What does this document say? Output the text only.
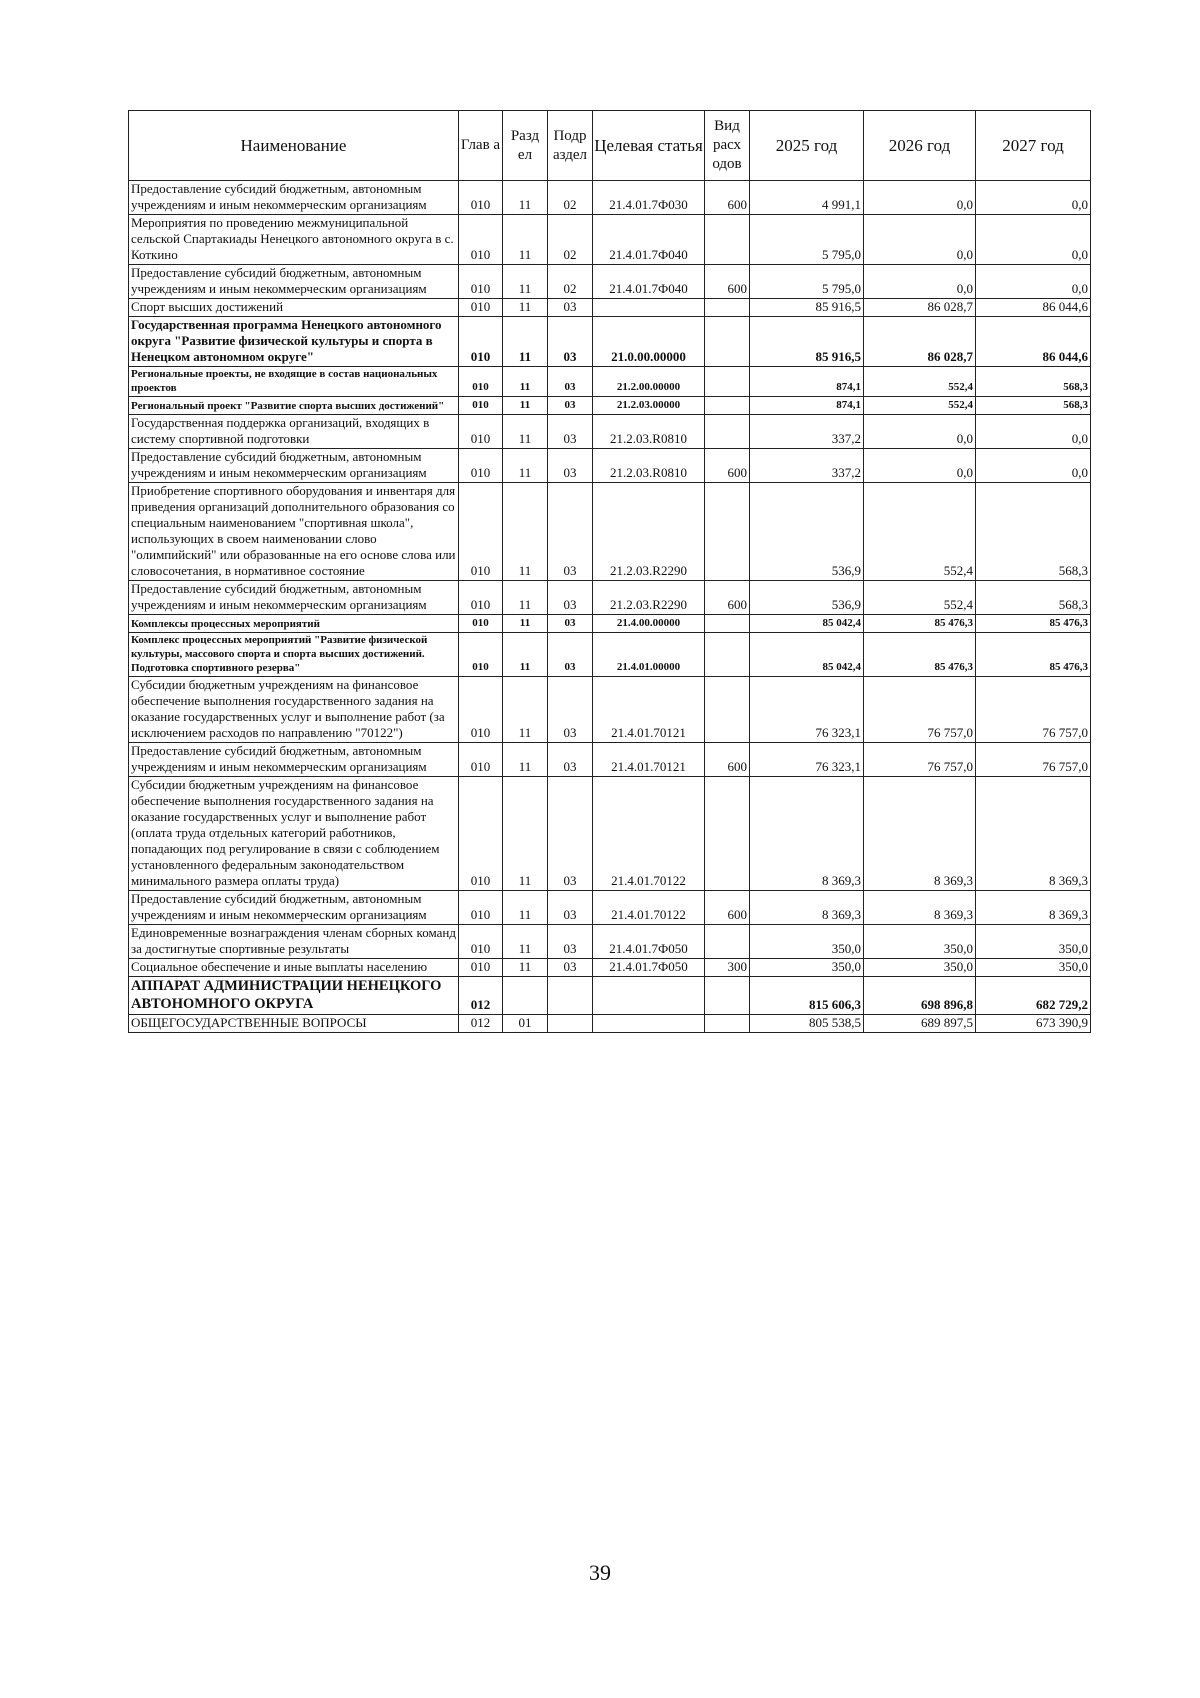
Наименование	Глав а	Разд ел	Подр аздел	Целевая статья	Вид расх одов	2025 год	2026 год	2027 год
Предоставление субсидий бюджетным, автономным учреждениям и иным некоммерческим организациям	010	11	02	21.4.01.7Ф030	600	4 991,1	0,0	0,0
Мероприятия по проведению межмуниципальной сельской Спартакиады Ненецкого автономного округа в с. Коткино	010	11	02	21.4.01.7Ф040		5 795,0	0,0	0,0
Предоставление субсидий бюджетным, автономным учреждениям и иным некоммерческим организациям	010	11	02	21.4.01.7Ф040	600	5 795,0	0,0	0,0
Спорт высших достижений	010	11	03			85 916,5	86 028,7	86 044,6
Государственная программа Ненецкого автономного округа "Развитие физической культуры и спорта в Ненецком автономном округе"	010	11	03	21.0.00.00000		85 916,5	86 028,7	86 044,6
Региональные проекты, не входящие в состав национальных проектов	010	11	03	21.2.00.00000		874,1	552,4	568,3
Региональный проект "Развитие спорта высших достижений"	010	11	03	21.2.03.00000		874,1	552,4	568,3
Государственная поддержка организаций, входящих в систему спортивной подготовки	010	11	03	21.2.03.R0810		337,2	0,0	0,0
Предоставление субсидий бюджетным, автономным учреждениям и иным некоммерческим организациям	010	11	03	21.2.03.R0810	600	337,2	0,0	0,0
Приобретение спортивного оборудования и инвентаря для приведения организаций дополнительного образования со специальным наименованием "спортивная школа", использующих в своем наименовании слово "олимпийский" или образованные на его основе слова или словосочетания, в нормативное состояние	010	11	03	21.2.03.R2290		536,9	552,4	568,3
Предоставление субсидий бюджетным, автономным учреждениям и иным некоммерческим организациям	010	11	03	21.2.03.R2290	600	536,9	552,4	568,3
Комплексы процессных мероприятий	010	11	03	21.4.00.00000		85 042,4	85 476,3	85 476,3
Комплекс процессных мероприятий "Развитие физической культуры, массового спорта и спорта высших достижений. Подготовка спортивного резерва"	010	11	03	21.4.01.00000		85 042,4	85 476,3	85 476,3
Субсидии бюджетным учреждениям на финансовое обеспечение выполнения государственного задания на оказание государственных услуг и выполнение работ (за исключением расходов по направлению "70122")	010	11	03	21.4.01.70121		76 323,1	76 757,0	76 757,0
Предоставление субсидий бюджетным, автономным учреждениям и иным некоммерческим организациям	010	11	03	21.4.01.70121	600	76 323,1	76 757,0	76 757,0
Субсидии бюджетным учреждениям на финансовое обеспечение выполнения государственного задания на оказание государственных услуг и выполнение работ (оплата труда отдельных категорий работников, попадающих под регулирование в связи с соблюдением установленного федеральным законодательством минимального размера оплаты труда)	010	11	03	21.4.01.70122		8 369,3	8 369,3	8 369,3
Предоставление субсидий бюджетным, автономным учреждениям и иным некоммерческим организациям	010	11	03	21.4.01.70122	600	8 369,3	8 369,3	8 369,3
Единовременные вознаграждения членам сборных команд за достигнутые спортивные результаты	010	11	03	21.4.01.7Ф050		350,0	350,0	350,0
Социальное обеспечение и иные выплаты населению	010	11	03	21.4.01.7Ф050	300	350,0	350,0	350,0
АППАРАТ АДМИНИСТРАЦИИ НЕНЕЦКОГО АВТОНОМНОГО ОКРУГА	012					815 606,3	698 896,8	682 729,2
ОБЩЕГОСУДАРСТВЕННЫЕ ВОПРОСЫ	012	01				805 538,5	689 897,5	673 390,9
39
